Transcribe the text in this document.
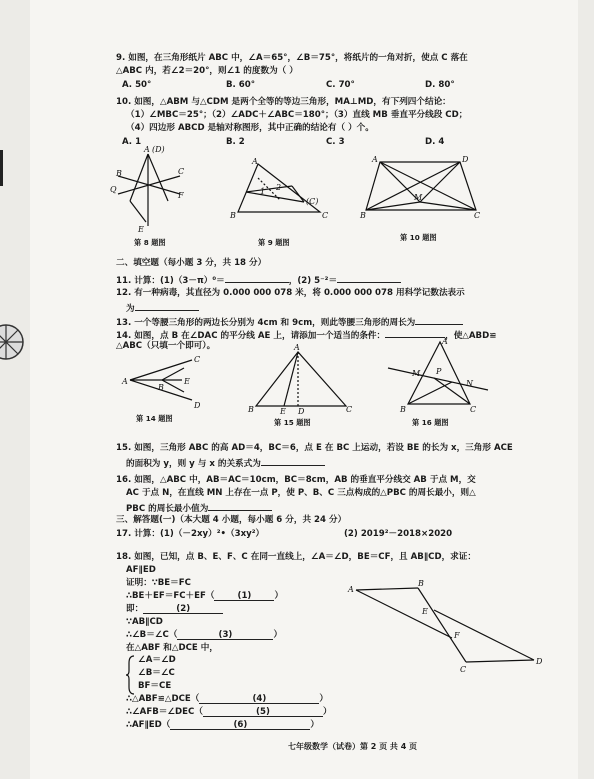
9. 如图，在三角形纸片 ABC 中，∠A＝65°，∠B＝75°，将纸片的一角对折，使点 C 落在
△ABC 内，若∠2＝20°，则∠1 的度数为（ ）
A. 50°	B. 60°	C. 70°	D. 80°
10. 如图，△ABM 与△CDM 是两个全等的等边三角形，MA⊥MD，有下列四个结论：
（1）∠MBC＝25°；（2）∠ADC＋∠ABC＝180°；（3）直线 MB 垂直平分线段 CD；
（4）四边形 ABCD 是轴对称图形，其中正确的结论有（ ）个。
A. 1	B. 2	C. 3	D. 4
A (D)
Q
B	C
F
E
A
1 2
B	C
(C)
A	D
M
B	C
第 8 题图	第 9 题图
第 10 题图
二、填空题（每小题 3 分，共 18 分）
11. 计算：(1)（3－π）⁰＝	，(2) 5⁻²＝
12. 有一种病毒，其直径为 0.000 000 078 米，将 0.000 000 078 用科学记数法表示
为
13. 一个等腰三角形的两边长分别为 4cm 和 9cm，则此等腰三角形的周长为
14. 如图，点 B 在∠DAC 的平分线 AE 上，请添加一个适当的条件：	，使△ABD≌
△ABC（只填一个即可）。
C
A
B
E
D
A
B	E D	C
A
M P
N
B	C
第 14 题图	第 15 题图	第 16 题图
15. 如图，三角形 ABC 的高 AD＝4，BC＝6，点 E 在 BC 上运动，若设 BE 的长为 x，三角形 ACE
的面积为 y，则 y 与 x 的关系式为
16. 如图，△ABC 中，AB＝AC＝10cm，BC＝8cm，AB 的垂直平分线交 AB 于点 M，交
AC 于点 N，在直线 MN 上存在一点 P，使 P、B、C 三点构成的△PBC 的周长最小，则△
PBC 的周长最小值为
三、解答题(一)（本大题 4 小题，每小题 6 分，共 24 分）
17. 计算：(1)（－2xy）²•（3xy²）	(2) 2019²－2018×2020
18. 如图，已知，点 B、E、F、C 在同一直线上，∠A＝∠D，BE＝CF，且 AB∥CD，求证：
AF∥ED
证明：∵BE＝FC
∴BE＋EF＝FC＋EF（	(1)	）
即：	(2)
∵AB∥CD
∴∠B＝∠C（	(3)	）
在△ABF 和△DCE 中，
∠A＝∠D
∠B＝∠C
BF＝CE
∴△ABF≌△DCE（	(4)	）
∴∠AFB＝∠DEC（	(5)	）
∴AF∥ED（	(6)	）
A
B
E
F
C
D
七年级数学（试卷）第 2 页 共 4 页
